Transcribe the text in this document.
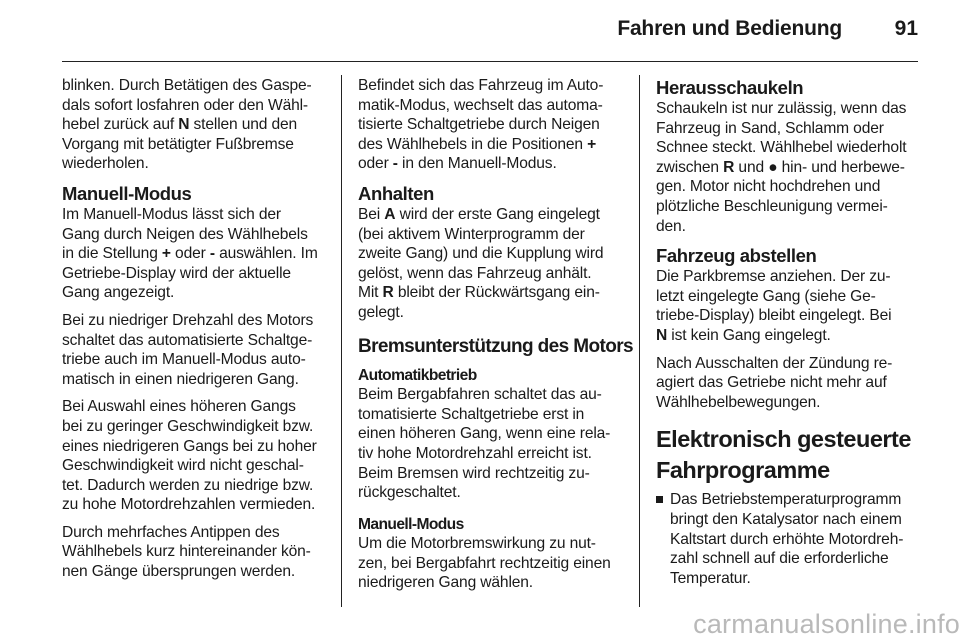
Fahren und Bedienung	91

blinken. Durch Betätigen des Gaspe-
dals sofort losfahren oder den Wähl-
hebel zurück auf N stellen und den
Vorgang mit betätigter Fußbremse
wiederholen.

Manuell-Modus

Im Manuell-Modus lässt sich der
Gang durch Neigen des Wählhebels
in die Stellung + oder - auswählen. Im
Getriebe-Display wird der aktuelle
Gang angezeigt.

Bei zu niedriger Drehzahl des Motors
schaltet das automatisierte Schaltge-
triebe auch im Manuell-Modus auto-
matisch in einen niedrigeren Gang.

Bei Auswahl eines höheren Gangs
bei zu geringer Geschwindigkeit bzw.
eines niedrigeren Gangs bei zu hoher
Geschwindigkeit wird nicht geschal-
tet. Dadurch werden zu niedrige bzw.
zu hohe Motordrehzahlen vermieden.

Durch mehrfaches Antippen des
Wählhebels kurz hintereinander kön-
nen Gänge übersprungen werden.

Befindet sich das Fahrzeug im Auto-
matik-Modus, wechselt das automa-
tisierte Schaltgetriebe durch Neigen
des Wählhebels in die Positionen +
oder - in den Manuell-Modus.

Anhalten

Bei A wird der erste Gang eingelegt
(bei aktivem Winterprogramm der
zweite Gang) und die Kupplung wird
gelöst, wenn das Fahrzeug anhält.
Mit R bleibt der Rückwärtsgang ein-
gelegt.

Bremsunterstützung des Motors
Automatikbetrieb

Beim Bergabfahren schaltet das au-
tomatisierte Schaltgetriebe erst in
einen höheren Gang, wenn eine rela-
tiv hohe Motordrehzahl erreicht ist.
Beim Bremsen wird rechtzeitig zu-
rückgeschaltet.

Manuell-Modus

Um die Motorbremswirkung zu nut-
zen, bei Bergabfahrt rechtzeitig einen
niedrigeren Gang wählen.

Herausschaukeln

Schaukeln ist nur zulässig, wenn das
Fahrzeug in Sand, Schlamm oder
Schnee steckt. Wählhebel wiederholt
zwischen R und ● hin- und herbewe-
gen. Motor nicht hochdrehen und
plötzliche Beschleunigung vermei-
den.

Fahrzeug abstellen

Die Parkbremse anziehen. Der zu-
letzt eingelegte Gang (siehe Ge-
triebe-Display) bleibt eingelegt. Bei
N ist kein Gang eingelegt.

Nach Ausschalten der Zündung re-
agiert das Getriebe nicht mehr auf
Wählhebelbewegungen.

Elektronisch gesteuerte
Fahrprogramme
Das Betriebstemperaturprogramm
bringt den Katalysator nach einem
Kaltstart durch erhöhte Motordreh-
zahl schnell auf die erforderliche
Temperatur.
carmanualsonline.info
